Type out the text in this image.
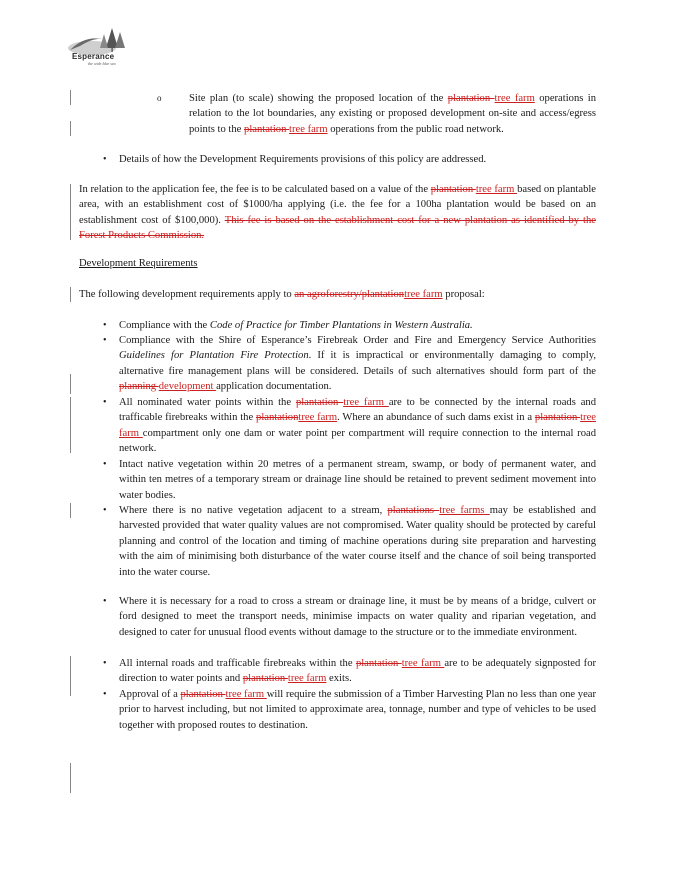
Esperance
the wide blue sea
o	Site plan (to scale) showing the proposed location of the plantation tree farm operations in relation to the lot boundaries, any existing or proposed development on-site and access/egress points to the plantation tree farm operations from the public road network.
• Details of how the Development Requirements provisions of this policy are addressed.
In relation to the application fee, the fee is to be calculated based on a value of the plantation tree farm based on plantable area, with an establishment cost of $1000/ha applying (i.e. the fee for a 100ha plantation would be based on an establishment cost of $100,000). This fee is based on the establishment cost for a new plantation as identified by the Forest Products Commission.
Development Requirements
The following development requirements apply to an agroforestry/plantationtree farm proposal:
• Compliance with the Code of Practice for Timber Plantations in Western Australia.
• Compliance with the Shire of Esperance’s Firebreak Order and Fire and Emergency Service Authorities Guidelines for Plantation Fire Protection. If it is impractical or environmentally damaging to comply, alternative fire management plans will be considered. Details of such alternatives should form part of the planning development application documentation.
• All nominated water points within the plantation tree farm are to be connected by the internal roads and trafficable firebreaks within the plantationtree farm. Where an abundance of such dams exist in a plantation tree farm compartment only one dam or water point per compartment will require connection to the internal road network.
• Intact native vegetation within 20 metres of a permanent stream, swamp, or body of permanent water, and within ten metres of a temporary stream or drainage line should be retained to prevent sediment movement into water bodies.
• Where there is no native vegetation adjacent to a stream, plantations tree farms may be established and harvested provided that water quality values are not compromised. Water quality should be protected by careful planning and control of the location and timing of machine operations during site preparation and harvesting with the aim of minimising both disturbance of the water course itself and the chance of soil being transported into the water course.
• Where it is necessary for a road to cross a stream or drainage line, it must be by means of a bridge, culvert or ford designed to meet the transport needs, minimise impacts on water quality and riparian vegetation, and designed to cater for unusual flood events without damage to the structure or to the immediate environment.
• All internal roads and trafficable firebreaks within the plantation tree farm are to be adequately signposted for direction to water points and plantation tree farm exits.
• Approval of a plantation tree farm will require the submission of a Timber Harvesting Plan no less than one year prior to harvest including, but not limited to approximate area, tonnage, number and type of vehicles to be used together with proposed routes to destination.
